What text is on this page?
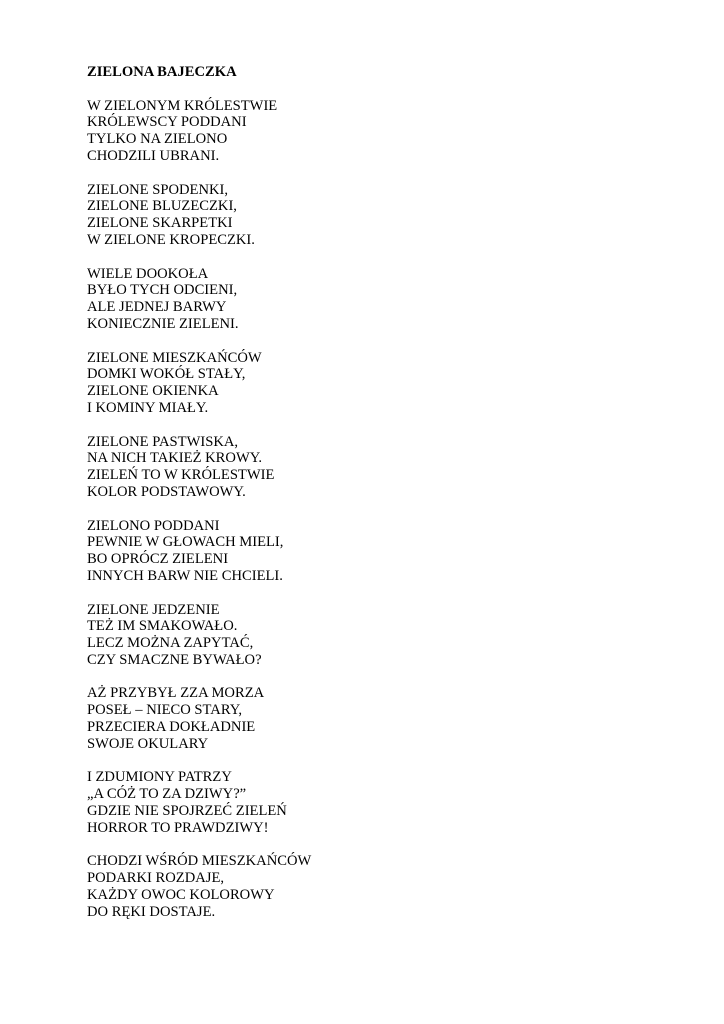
ZIELONA BAJECZKA
W ZIELONYM KRÓLESTWIE
KRÓLEWSCY PODDANI
TYLKO NA ZIELONO
CHODZILI UBRANI.
ZIELONE SPODENKI,
ZIELONE BLUZECZKI,
ZIELONE SKARPETKI
W ZIELONE KROPECZKI.
WIELE DOOKOŁA
BYŁO TYCH ODCIENI,
ALE JEDNEJ BARWY
KONIECZNIE ZIELENI.
ZIELONE MIESZKAŃCÓW
DOMKI WOKÓŁ STAŁY,
ZIELONE OKIENKA
I KOMINY MIAŁY.
ZIELONE PASTWISKA,
NA NICH TAKIEŻ KROWY.
ZIELEŃ TO W KRÓLESTWIE
KOLOR PODSTAWOWY.
ZIELONO PODDANI
PEWNIE W GŁOWACH MIELI,
BO OPRÓCZ ZIELENI
INNYCH BARW NIE CHCIELI.
ZIELONE JEDZENIE
TEŻ IM SMAKOWAŁO.
LECZ MOŻNA ZAPYTAĆ,
CZY SMACZNE BYWAŁO?
AŻ PRZYBYŁ ZZA MORZA
POSEŁ – NIECO STARY,
PRZECIERA DOKŁADNIE
SWOJE OKULARY
I ZDUMIONY PATRZY
„A CÓŻ TO ZA DZIWY?”
GDZIE NIE SPOJRZEĆ ZIELEŃ
HORROR TO PRAWDZIWY!
CHODZI WŚRÓD MIESZKAŃCÓW
PODARKI ROZDAJE,
KAŻDY OWOC KOLOROWY
DO RĘKI DOSTAJE.
